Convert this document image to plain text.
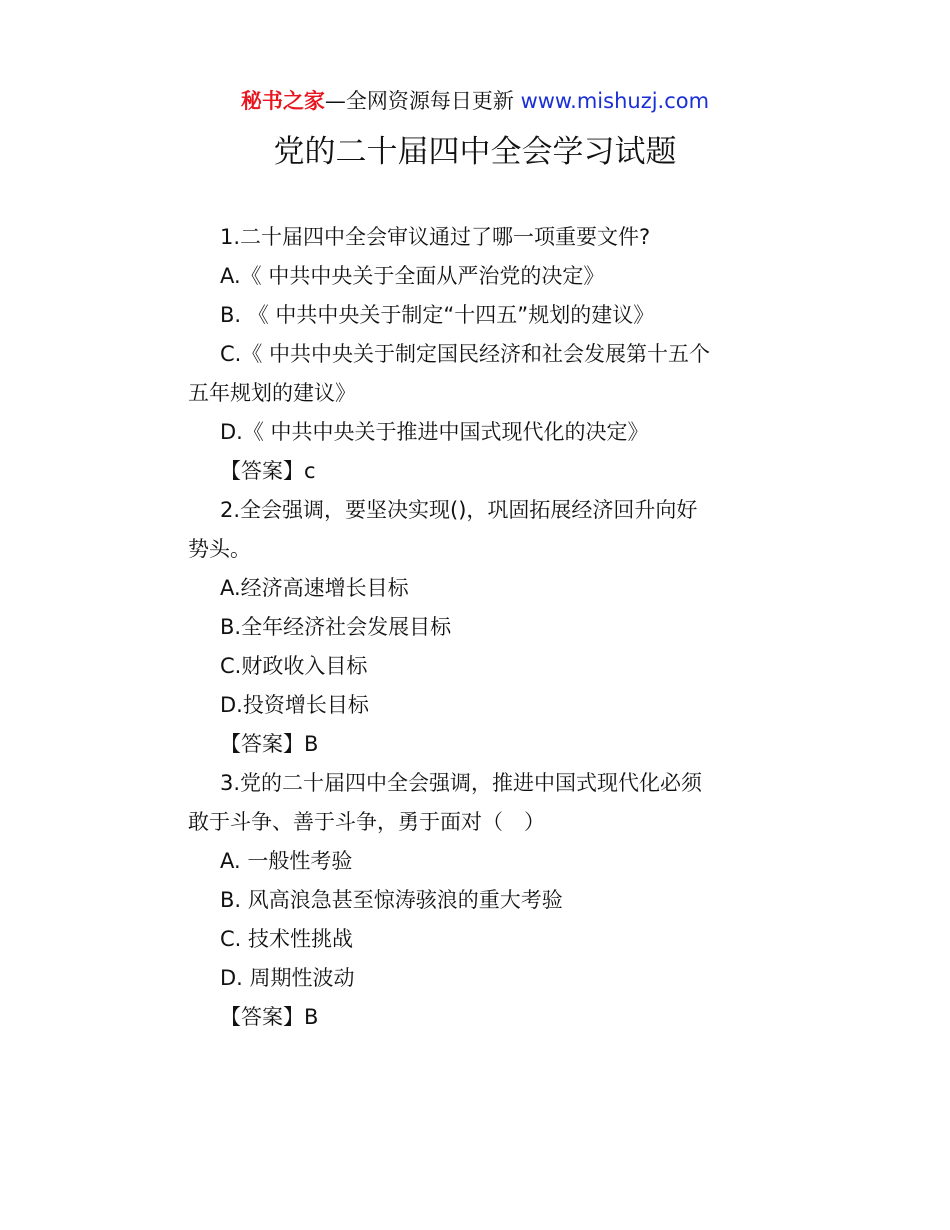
秘书之家—全网资源每日更新 www.mishuzj.com
党的二十届四中全会学习试题
1.二十届四中全会审议通过了哪一项重要文件?
A.《 中共中央关于全面从严治党的决定》
B. 《 中共中央关于制定“十四五”规划的建议》
C.《 中共中央关于制定国民经济和社会发展第十五个
五年规划的建议》
D.《 中共中央关于推进中国式现代化的决定》
【答案】c
2.全会强调，要坚决实现()，巩固拓展经济回升向好
势头。
A.经济高速增长目标
B.全年经济社会发展目标
C.财政收入目标
D.投资增长目标
【答案】B
3.党的二十届四中全会强调，推进中国式现代化必须
敢于斗争、善于斗争，勇于面对（　）
A. 一般性考验
B. 风高浪急甚至惊涛骇浪的重大考验
C. 技术性挑战
D. 周期性波动
【答案】B
